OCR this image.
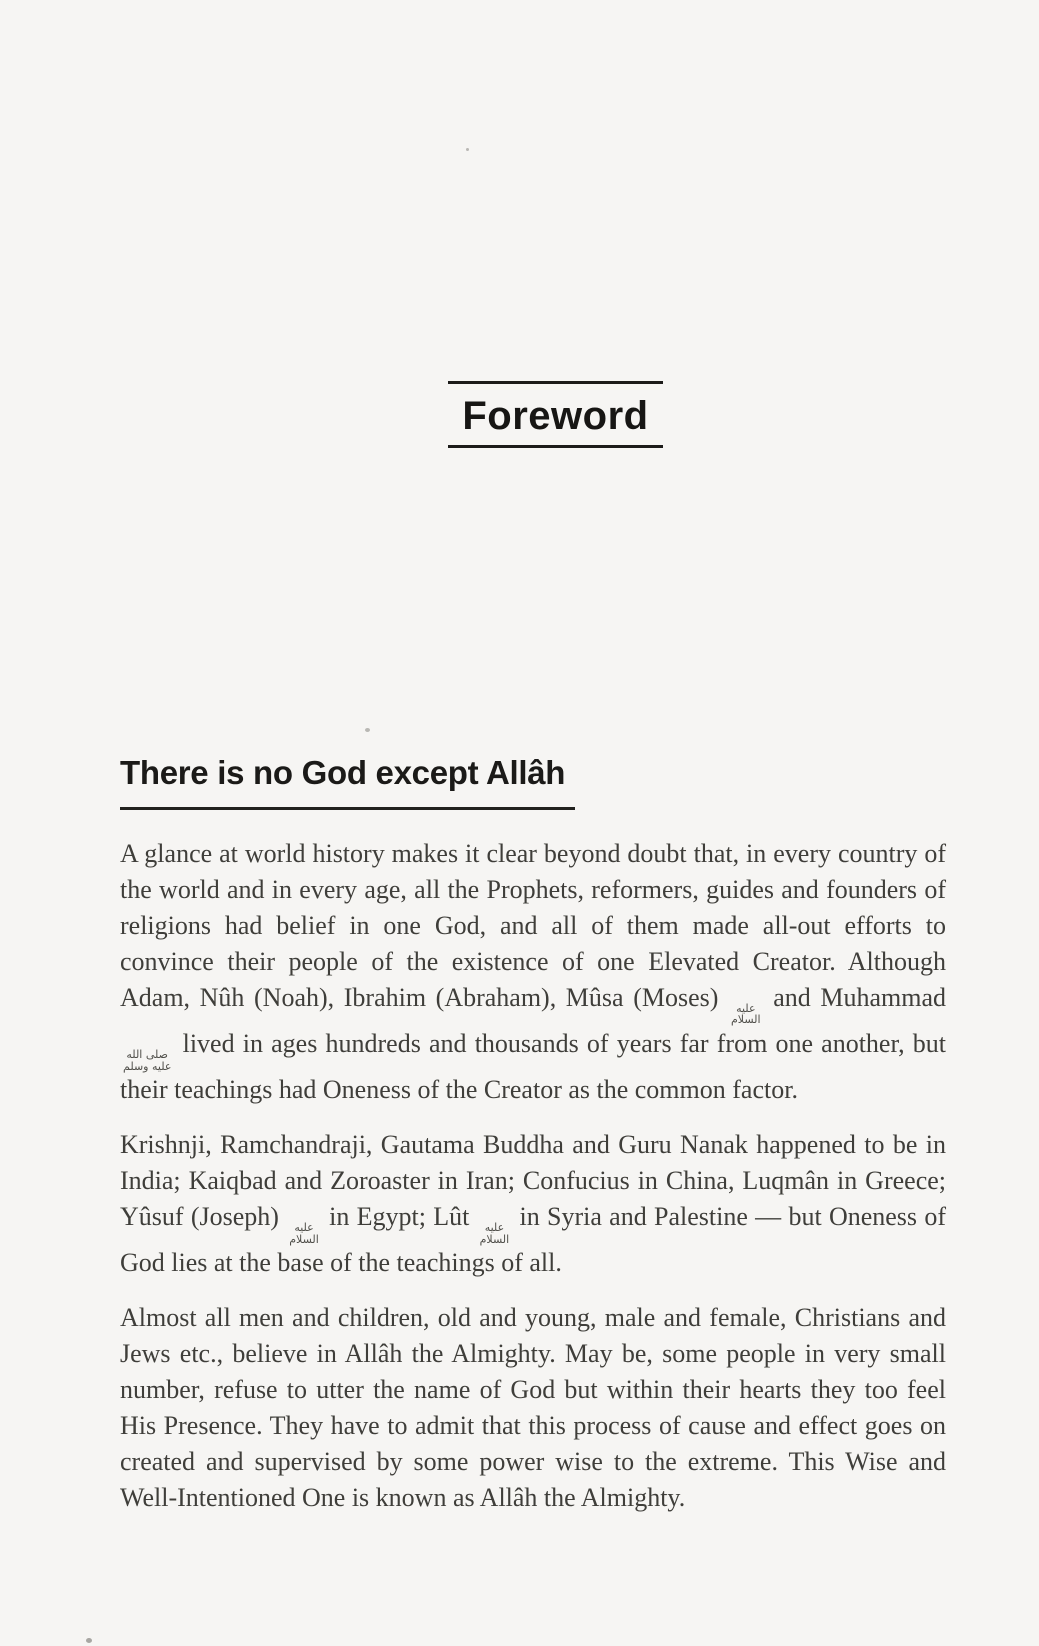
Foreword
There is no God except Allâh

A glance at world history makes it clear beyond doubt that, in every country of the world and in every age, all the Prophets, reformers, guides and founders of religions had belief in one God, and all of them made all-out efforts to convince their people of the existence of one Elevated Creator. Although Adam, Nûh (Noah), Ibrahim (Abraham), Mûsa (Moses) عليه
السلام
and Muhammad
صلى الله
عليه وسلم
lived in ages hundreds and thousands of years far from one another, but their teachings had Oneness of the Creator as the common factor.

Krishnji, Ramchandraji, Gautama Buddha and Guru Nanak happened to be in India; Kaiqbad and Zoroaster in Iran; Confucius in China, Luqmân in Greece; Yûsuf (Joseph) عليه
السلام
in Egypt; Lût عليه
السلام
in Syria and Palestine — but Oneness of God lies at the base of the teachings of all.

Almost all men and children, old and young, male and female, Christians and Jews etc., believe in Allâh the Almighty. May be, some people in very small number, refuse to utter the name of God but within their hearts they too feel His Presence. They have to admit that this process of cause and effect goes on created and supervised by some power wise to the extreme. This Wise and Well-Intentioned One is known as Allâh the Almighty.
